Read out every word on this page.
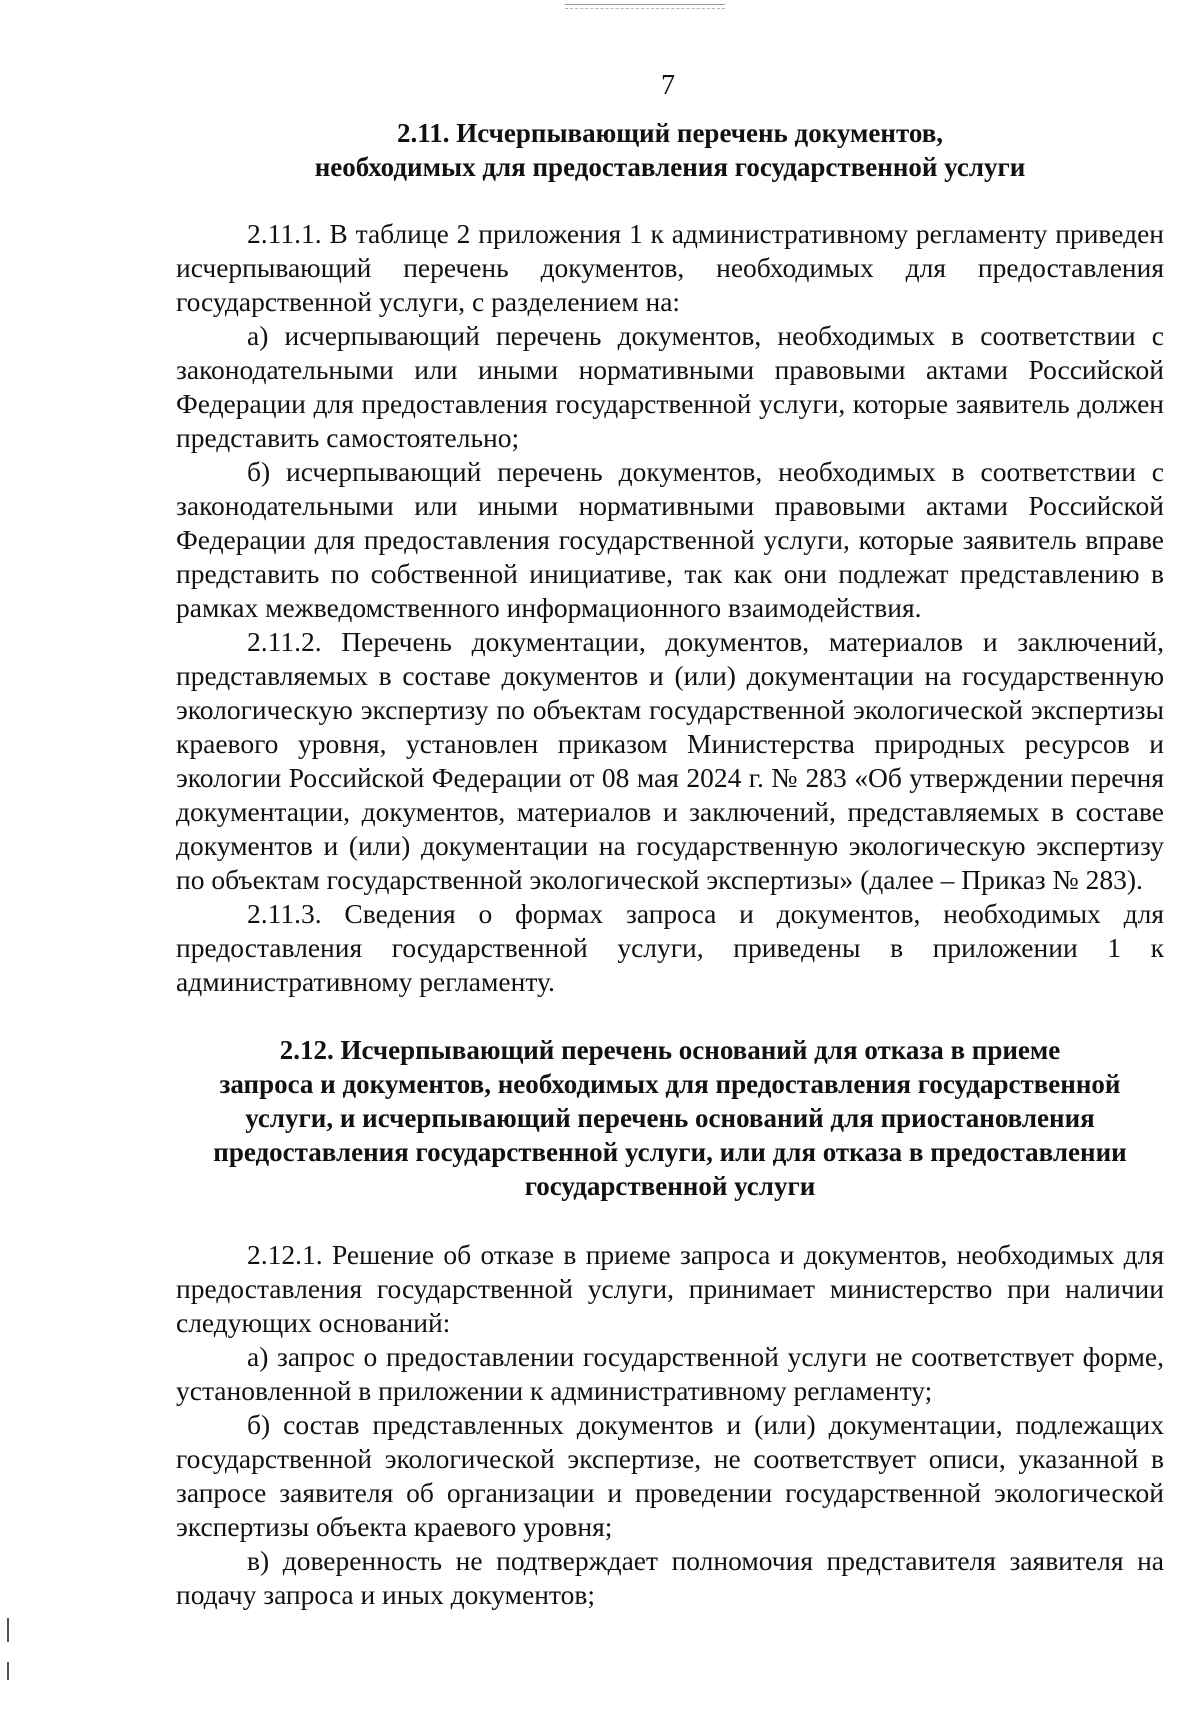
7
2.11. Исчерпывающий перечень документов,
необходимых для предоставления государственной услуги

2.11.1. В таблице 2 приложения 1 к административному регламенту приведен исчерпывающий перечень документов, необходимых для предоставления государственной услуги, с разделением на:

а) исчерпывающий перечень документов, необходимых в соответствии с законодательными или иными нормативными правовыми актами Российской Федерации для предоставления государственной услуги, которые заявитель должен представить самостоятельно;

б) исчерпывающий перечень документов, необходимых в соответствии с законодательными или иными нормативными правовыми актами Российской Федерации для предоставления государственной услуги, которые заявитель вправе представить по собственной инициативе, так как они подлежат представлению в рамках межведомственного информационного взаимодействия.

2.11.2. Перечень документации, документов, материалов и заключений, представляемых в составе документов и (или) документации на государственную экологическую экспертизу по объектам государственной экологической экспертизы краевого уровня, установлен приказом Министерства природных ресурсов и экологии Российской Федерации от 08 мая 2024 г. № 283 «Об утверждении перечня документации, документов, материалов и заключений, представляемых в составе документов и (или) документации на государственную экологическую экспертизу по объектам государственной экологической экспертизы» (далее – Приказ № 283).

2.11.3. Сведения о формах запроса и документов, необходимых для предоставления государственной услуги, приведены в приложении 1 к административному регламенту.

2.12. Исчерпывающий перечень оснований для отказа в приеме
запроса и документов, необходимых для предоставления государственной
услуги, и исчерпывающий перечень оснований для приостановления
предоставления государственной услуги, или для отказа в предоставлении
государственной услуги

2.12.1. Решение об отказе в приеме запроса и документов, необходимых для предоставления государственной услуги, принимает министерство при наличии следующих оснований:

а) запрос о предоставлении государственной услуги не соответствует форме, установленной в приложении к административному регламенту;

б) состав представленных документов и (или) документации, подлежащих государственной экологической экспертизе, не соответствует описи, указанной в запросе заявителя об организации и проведении государственной экологической экспертизы объекта краевого уровня;

в) доверенность не подтверждает полномочия представителя заявителя на подачу запроса и иных документов;
